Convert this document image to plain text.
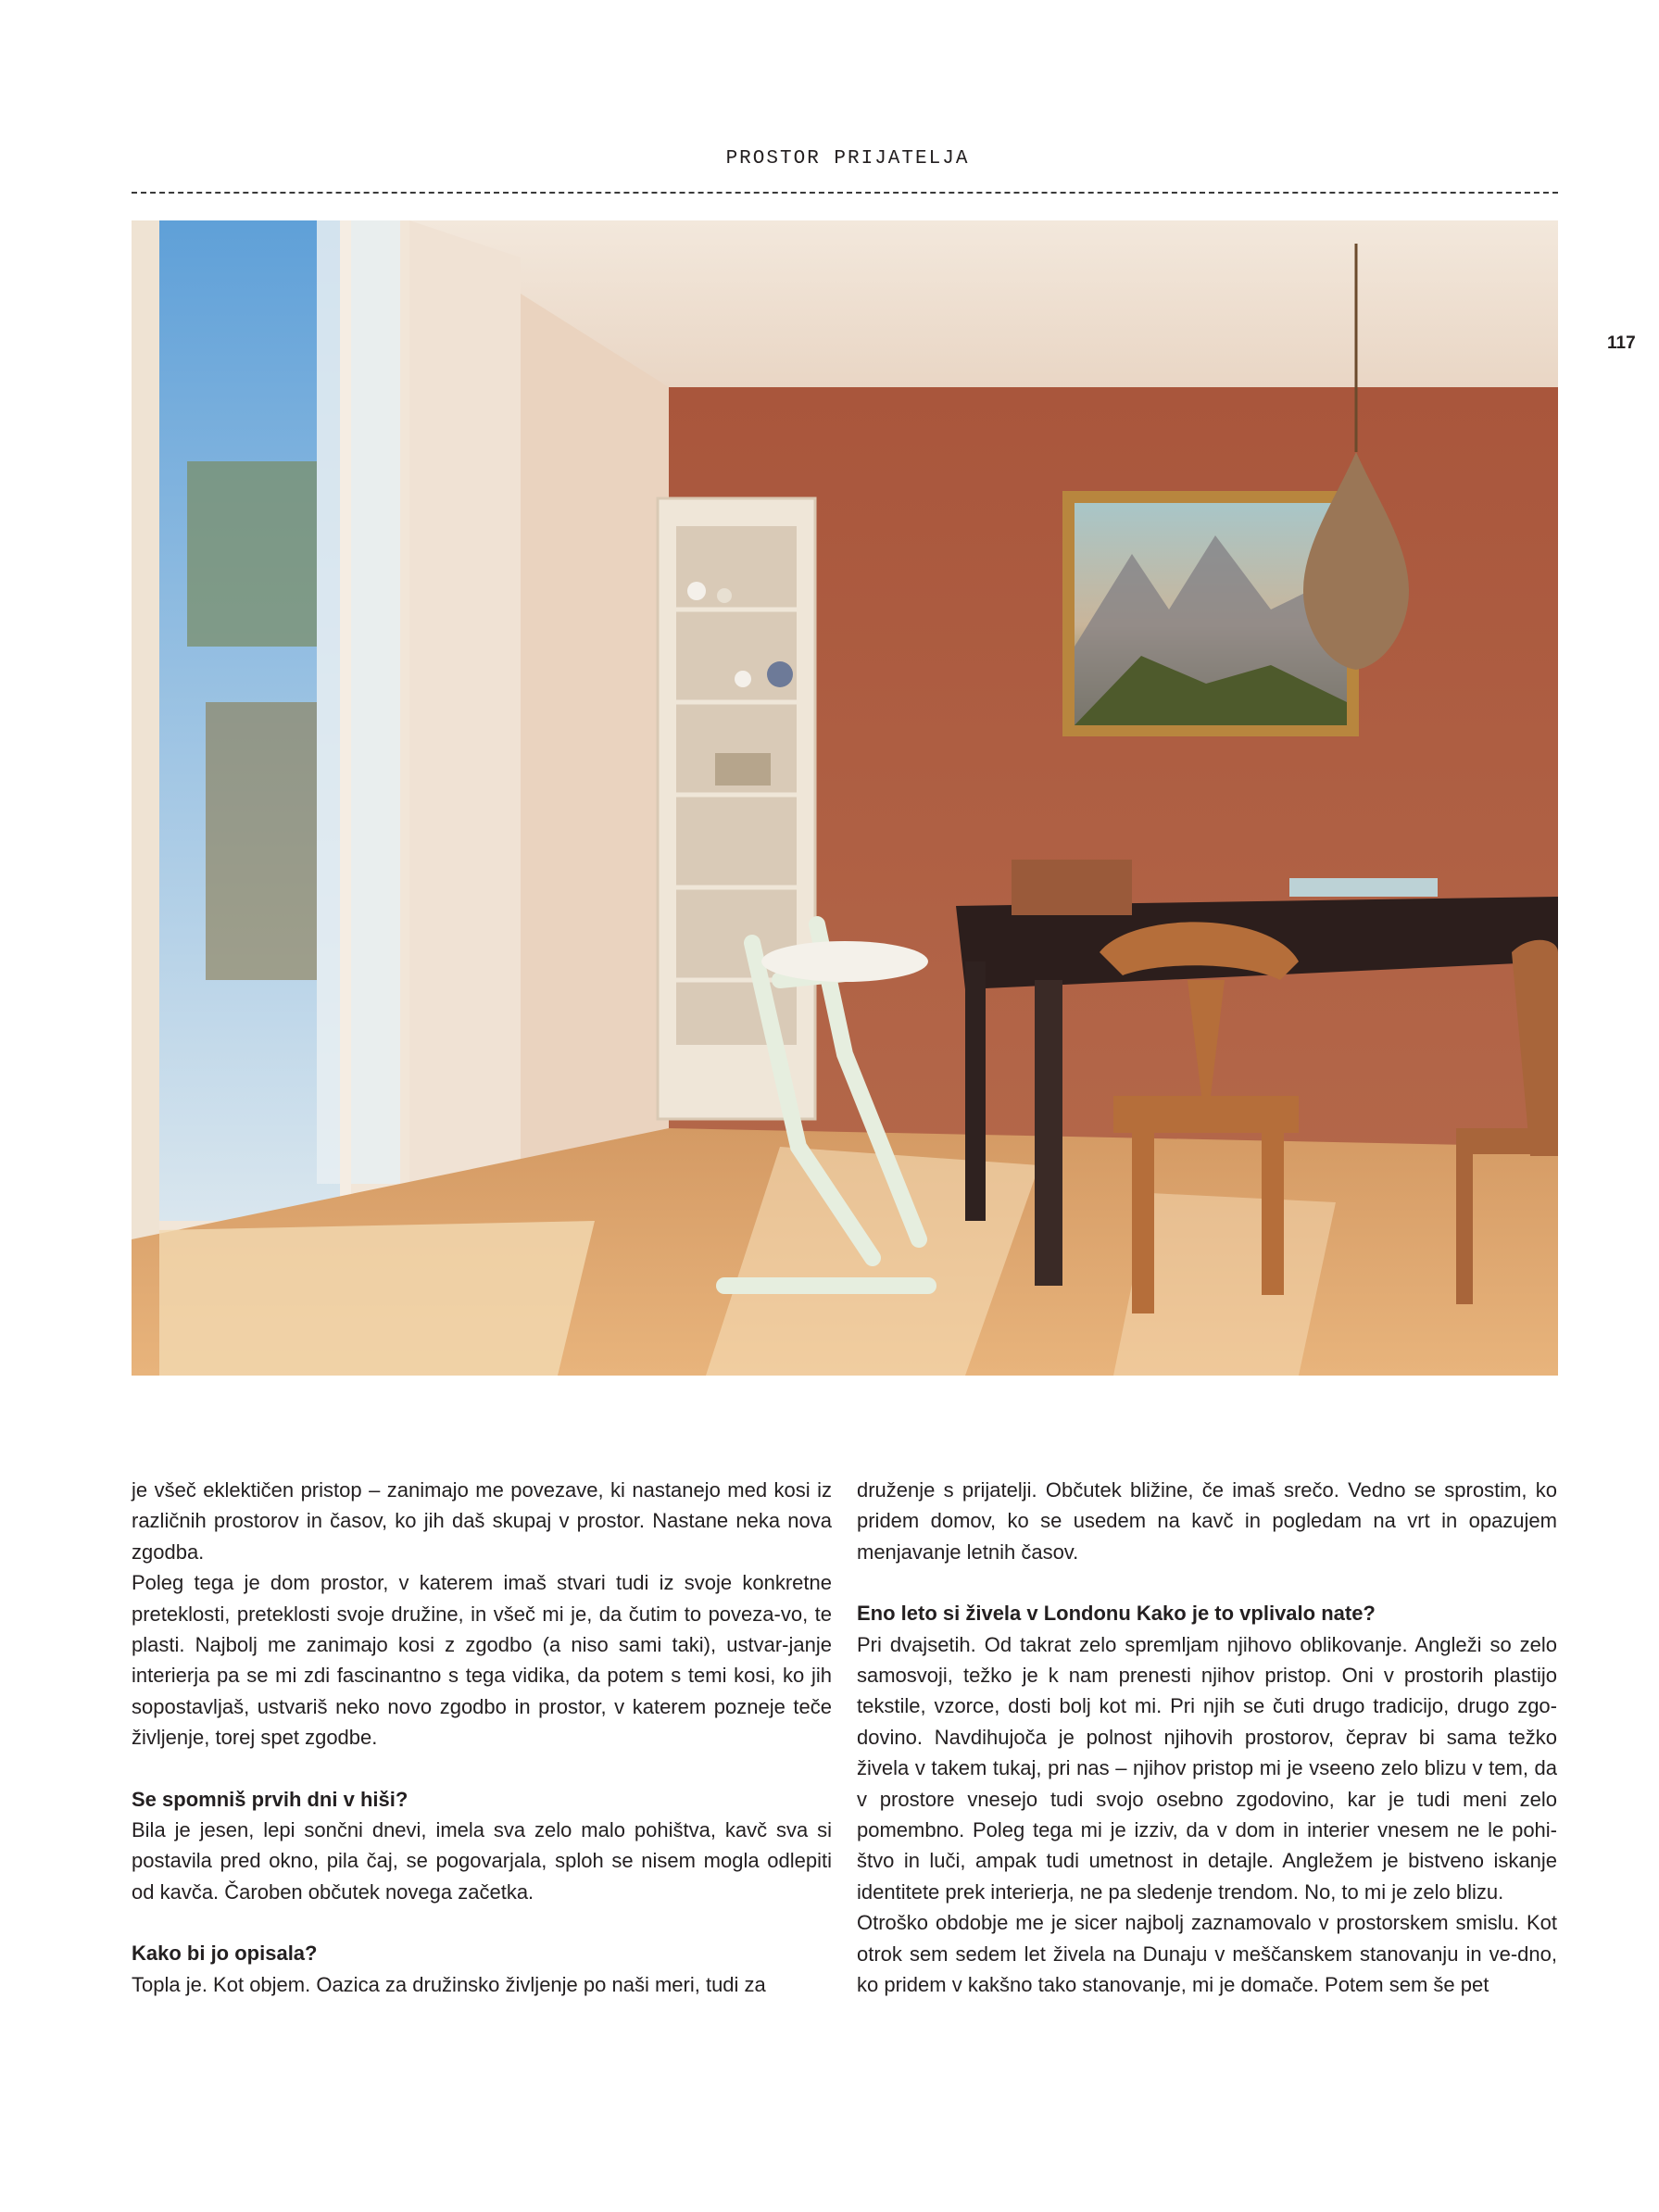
PROSTOR PRIJATELJA
117

je všeč eklektičen pristop – zanimajo me povezave, ki nastanejo med kosi iz različnih prostorov in časov, ko jih daš skupaj v prostor. Nastane neka nova zgodba.

Poleg tega je dom prostor, v katerem imaš stvari tudi iz svoje konkretne preteklosti, preteklosti svoje družine, in všeč mi je, da čutim to poveza-vo, te plasti. Najbolj me zanimajo kosi z zgodbo (a niso sami taki), ustvar-janje interierja pa se mi zdi fascinantno s tega vidika, da potem s temi kosi, ko jih sopostavljaš, ustvariš neko novo zgodbo in prostor, v katerem pozneje teče življenje, torej spet zgodbe.

Se spomniš prvih dni v hiši?

Bila je jesen, lepi sončni dnevi, imela sva zelo malo pohištva, kavč sva si postavila pred okno, pila čaj, se pogovarjala, sploh se nisem mogla odlepiti od kavča. Čaroben občutek novega začetka.

Kako bi jo opisala?

Topla je. Kot objem. Oazica za družinsko življenje po naši meri, tudi za

druženje s prijatelji. Občutek bližine, če imaš srečo. Vedno se sprostim, ko pridem domov, ko se usedem na kavč in pogledam na vrt in opazujem menjavanje letnih časov.

Eno leto si živela v Londonu Kako je to vplivalo nate?

Pri dvajsetih. Od takrat zelo spremljam njihovo oblikovanje. Angleži so zelo samosvoji, težko je k nam prenesti njihov pristop. Oni v prostorih plastijo tekstile, vzorce, dosti bolj kot mi. Pri njih se čuti drugo tradicijo, drugo zgo-dovino. Navdihujoča je polnost njihovih prostorov, čeprav bi sama težko živela v takem tukaj, pri nas – njihov pristop mi je vseeno zelo blizu v tem, da v prostore vnesejo tudi svojo osebno zgodovino, kar je tudi meni zelo pomembno. Poleg tega mi je izziv, da v dom in interier vnesem ne le pohi-štvo in luči, ampak tudi umetnost in detajle. Angležem je bistveno iskanje identitete prek interierja, ne pa sledenje trendom. No, to mi je zelo blizu.

Otroško obdobje me je sicer najbolj zaznamovalo v prostorskem smislu. Kot otrok sem sedem let živela na Dunaju v meščanskem stanovanju in ve-dno, ko pridem v kakšno tako stanovanje, mi je domače. Potem sem še pet
